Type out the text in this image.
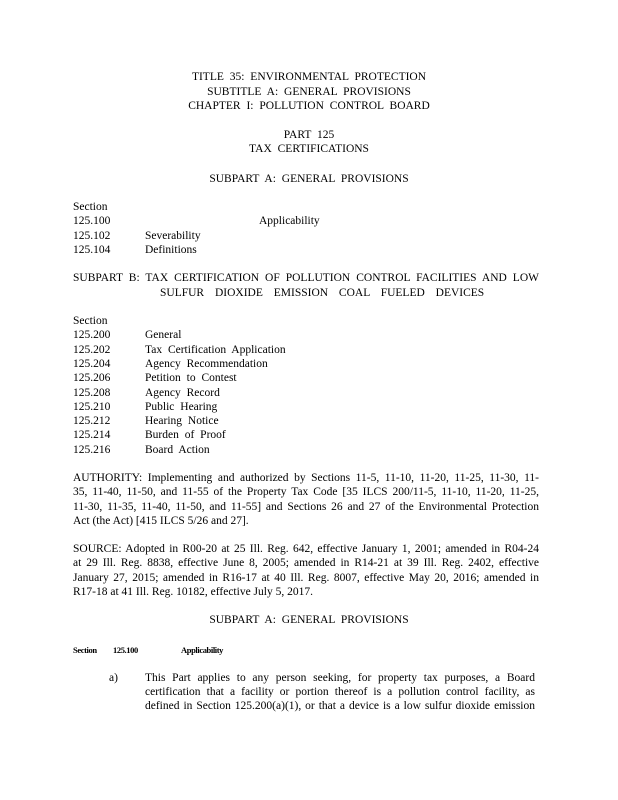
TITLE 35: ENVIRONMENTAL PROTECTION
SUBTITLE A: GENERAL PROVISIONS
CHAPTER I: POLLUTION CONTROL BOARD
PART 125
TAX CERTIFICATIONS
SUBPART A: GENERAL PROVISIONS
Section
125.100	Applicability
125.102	Severability
125.104	Definitions
SUBPART B: TAX CERTIFICATION OF POLLUTION CONTROL FACILITIES AND LOW
SULFUR DIOXIDE EMISSION COAL FUELED DEVICES
Section
125.200	General
125.202	Tax Certification Application
125.204	Agency Recommendation
125.206	Petition to Contest
125.208	Agency Record
125.210	Public Hearing
125.212	Hearing Notice
125.214	Burden of Proof
125.216	Board Action
AUTHORITY: Implementing and authorized by Sections 11-5, 11-10, 11-20, 11-25, 11-30, 11-
35, 11-40, 11-50, and 11-55 of the Property Tax Code [35 ILCS 200/11-5, 11-10, 11-20, 11-25,
11-30, 11-35, 11-40, 11-50, and 11-55] and Sections 26 and 27 of the Environmental Protection
Act (the Act) [415 ILCS 5/26 and 27].
SOURCE: Adopted in R00-20 at 25 Ill. Reg. 642, effective January 1, 2001; amended in R04-24
at 29 Ill. Reg. 8838, effective June 8, 2005; amended in R14-21 at 39 Ill. Reg. 2402, effective
January 27, 2015; amended in R16-17 at 40 Ill. Reg. 8007, effective May 20, 2016; amended in
R17-18 at 41 Ill. Reg. 10182, effective July 5, 2017.
SUBPART A: GENERAL PROVISIONS
Section 125.100	Applicability
a) This Part applies to any person seeking, for property tax purposes, a Board
certification that a facility or portion thereof is a pollution control facility, as
defined in Section 125.200(a)(1), or that a device is a low sulfur dioxide emission
